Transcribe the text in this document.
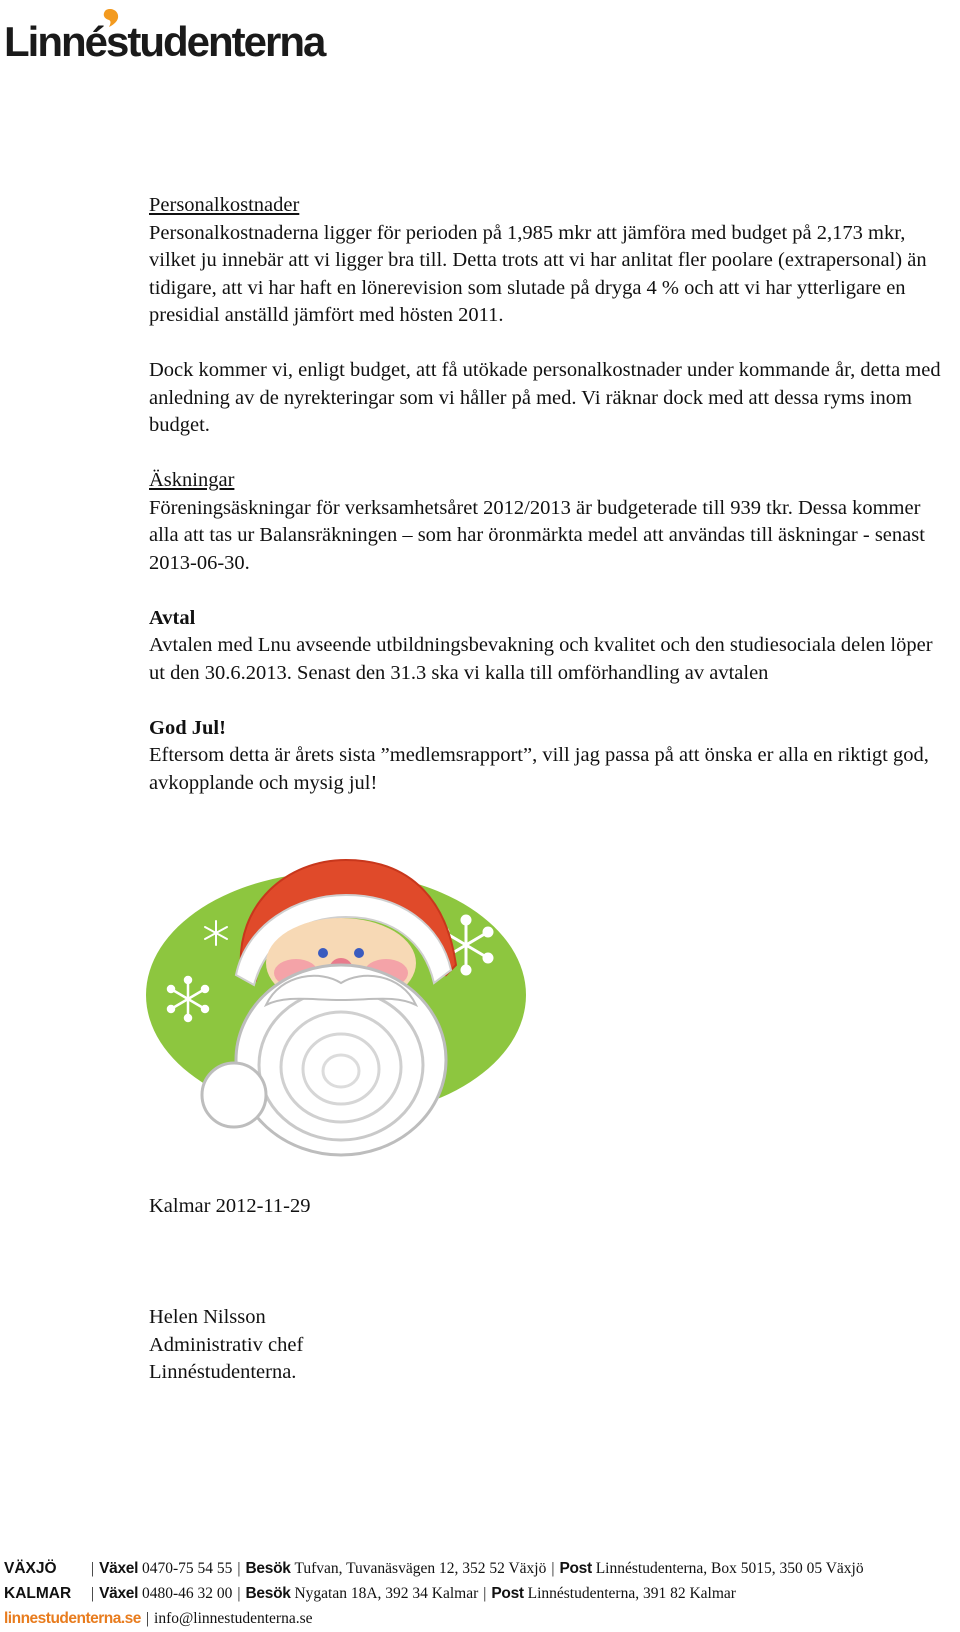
Linnéstudenterna
Personalkostnader

Personalkostnaderna ligger för perioden på 1,985 mkr att jämföra med budget på 2,173 mkr, vilket ju innebär att vi ligger bra till. Detta trots att vi har anlitat fler poolare (extrapersonal) än tidigare, att vi har haft en lönerevision som slutade på dryga 4 % och att vi har ytterligare en presidial anställd jämfört med hösten 2011.

Dock kommer vi, enligt budget, att få utökade personalkostnader under kommande år, detta med anledning av de nyrekteringar som vi håller på med. Vi räknar dock med att dessa ryms inom budget.

Äskningar

Föreningsäskningar för verksamhetsåret 2012/2013 är budgeterade till 939 tkr. Dessa kommer alla att tas ur Balansräkningen – som har öronmärkta medel att användas till äskningar - senast 2013-06-30.

Avtal

Avtalen med Lnu avseende utbildningsbevakning och kvalitet och den studiesociala delen löper ut den 30.6.2013. Senast den 31.3 ska vi kalla till omförhandling av avtalen

God Jul!

Eftersom detta är årets sista ”medlemsrapport”, vill jag passa på att önska er alla en riktigt god, avkopplande och mysig jul!

Kalmar 2012-11-29
Helen Nilsson
Administrativ chef
Linnéstudenterna.
VÄXJÖ	| Växel
0470-75 54 55 | Besök
Tufvan, Tuvanäsvägen 12, 352 52 Växjö | Post
Linnéstudenterna, Box 5015, 350 05 Växjö
KALMAR	| Växel
0480-46 32 00 | Besök
Nygatan 18A, 392 34 Kalmar | Post
Linnéstudenterna, 391 82 Kalmar
linnestudenterna.se | info@linnestudenterna.se
